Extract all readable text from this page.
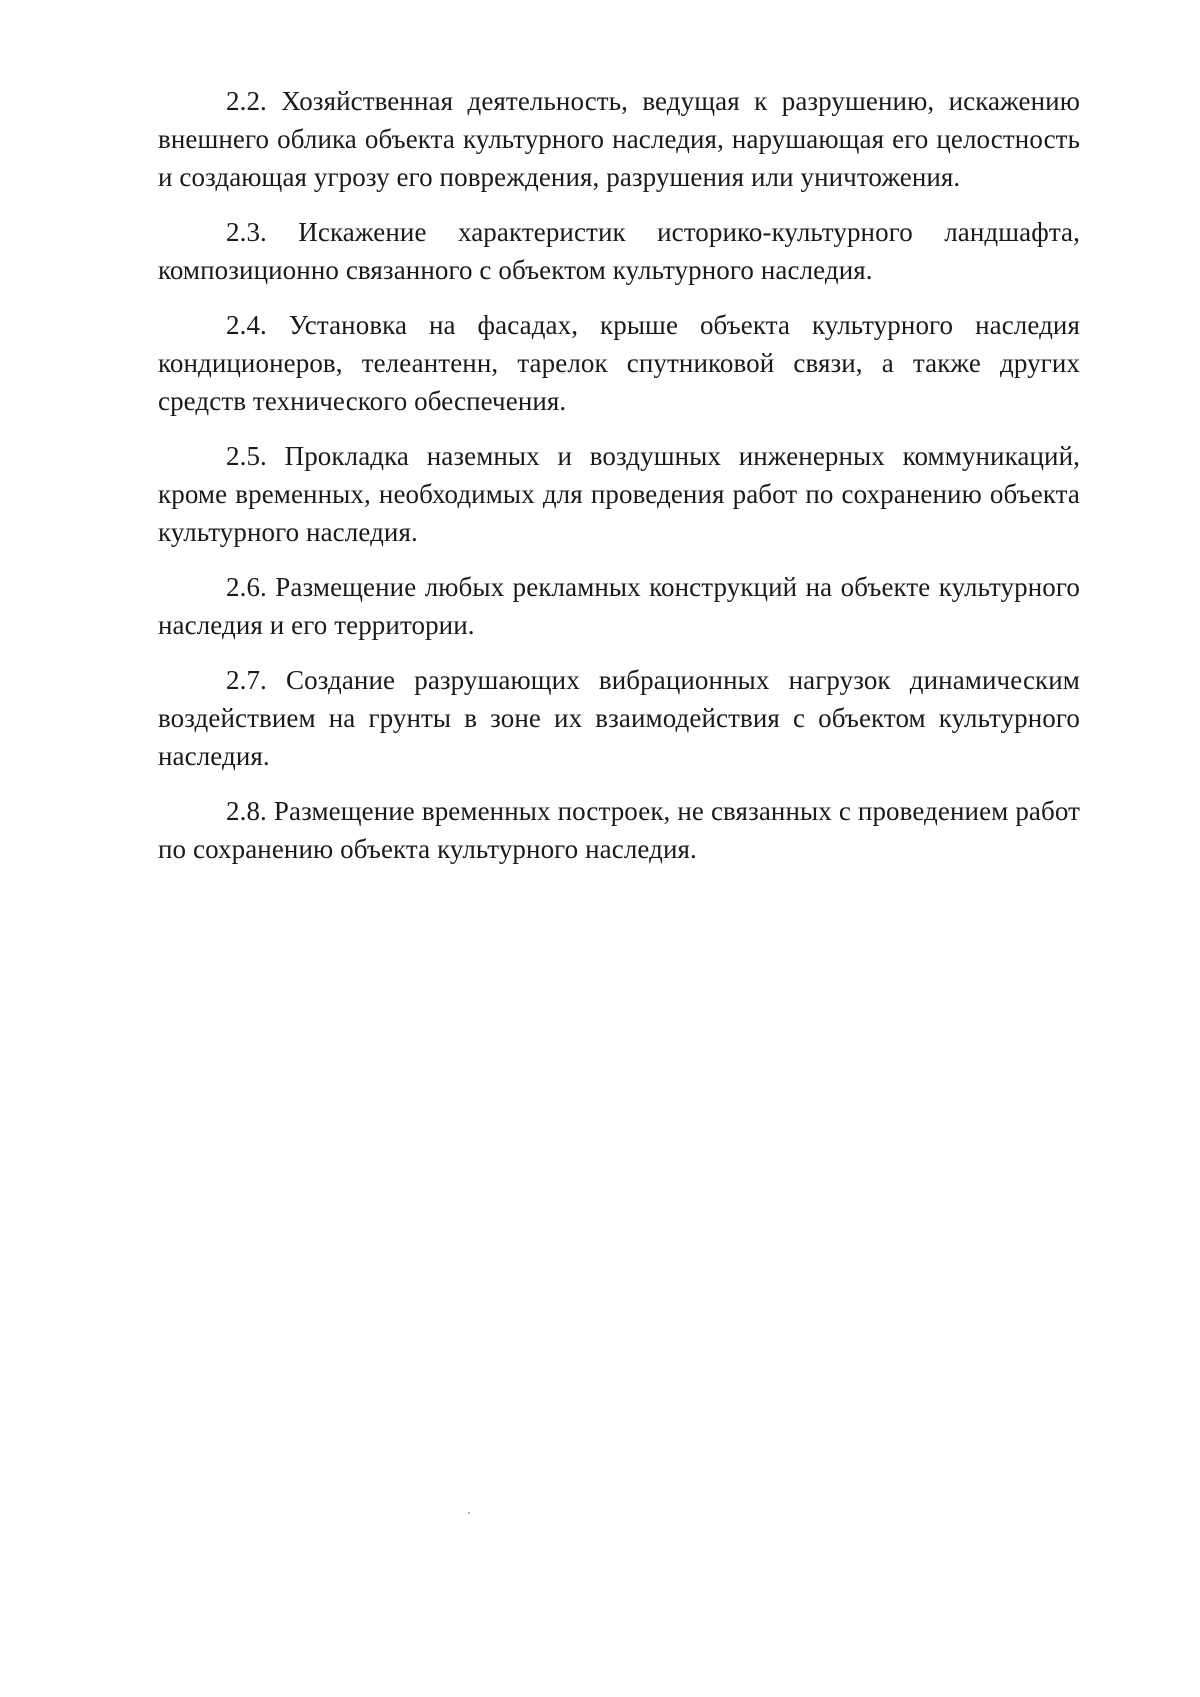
2.2. Хозяйственная деятельность, ведущая к разрушению, искажению внешнего облика объекта культурного наследия, нарушающая его целостность и создающая угрозу его повреждения, разрушения или уничтожения.

2.3. Искажение характеристик историко-культурного ландшафта, композиционно связанного с объектом культурного наследия.

2.4. Установка на фасадах, крыше объекта культурного наследия кондиционеров, телеантенн, тарелок спутниковой связи, а также других средств технического обеспечения.

2.5. Прокладка наземных и воздушных инженерных коммуникаций, кроме временных, необходимых для проведения работ по сохранению объекта культурного наследия.

2.6. Размещение любых рекламных конструкций на объекте культурного наследия и его территории.

2.7. Создание разрушающих вибрационных нагрузок динамическим воздействием на грунты в зоне их взаимодействия с объектом культурного наследия.

2.8. Размещение временных построек, не связанных с проведением работ по сохранению объекта культурного наследия.
